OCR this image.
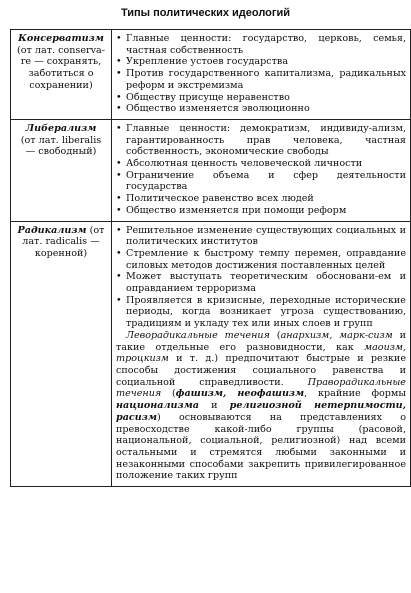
Типы политических идеологий
Консерватизм
(от лат. conserva-re — сохранять, заботиться о сохранении)	• Главные ценности: государство, церковь, семья, частная собственность
• Укрепление устоев государства
• Против государственного капитализма, радикальных реформ и экстремизма
• Обществу присуще неравенство
• Общество изменяется эволюционно

Либерализм
(от лат. liberalis — свободный)	• Главные ценности: демократизм, индивиду-ализм, гарантированность прав человека, частная собственность, экономические свободы
• Абсолютная ценность человеческой личности
• Ограничение объема и сфер деятельности государства
• Политическое равенство всех людей
• Общество изменяется при помощи реформ

Радикализм (от лат. radicalis — коренной)	• Решительное изменение существующих социальных и политических институтов
• Стремление к быстрому темпу перемен, оправдание силовых методов достижения поставленных целей
• Может выступать теоретическим обосновани-ем и оправданием терроризма
• Проявляется в кризисные, переходные исторические периоды, когда возникает угроза существованию, традициям и укладу тех или иных слоев и групп
Леворадикальные течения (анархизм, марк-сизм и такие отдельные его разновидности, как маоизм, троцкизм и т. д.) предпочитают быстрые и резкие способы достижения социального равенства и социальной справедливости. Праворадикальные течения (фашизм, неофашизм, крайние формы национализма и религиозной нетерпимости, расизм) основываются на представлениях о превосходстве какой-либо группы (расовой, национальной, социальной, религиозной) над всеми остальными и стремятся любыми законными и незаконными способами закрепить привилегированное положение таких групп
